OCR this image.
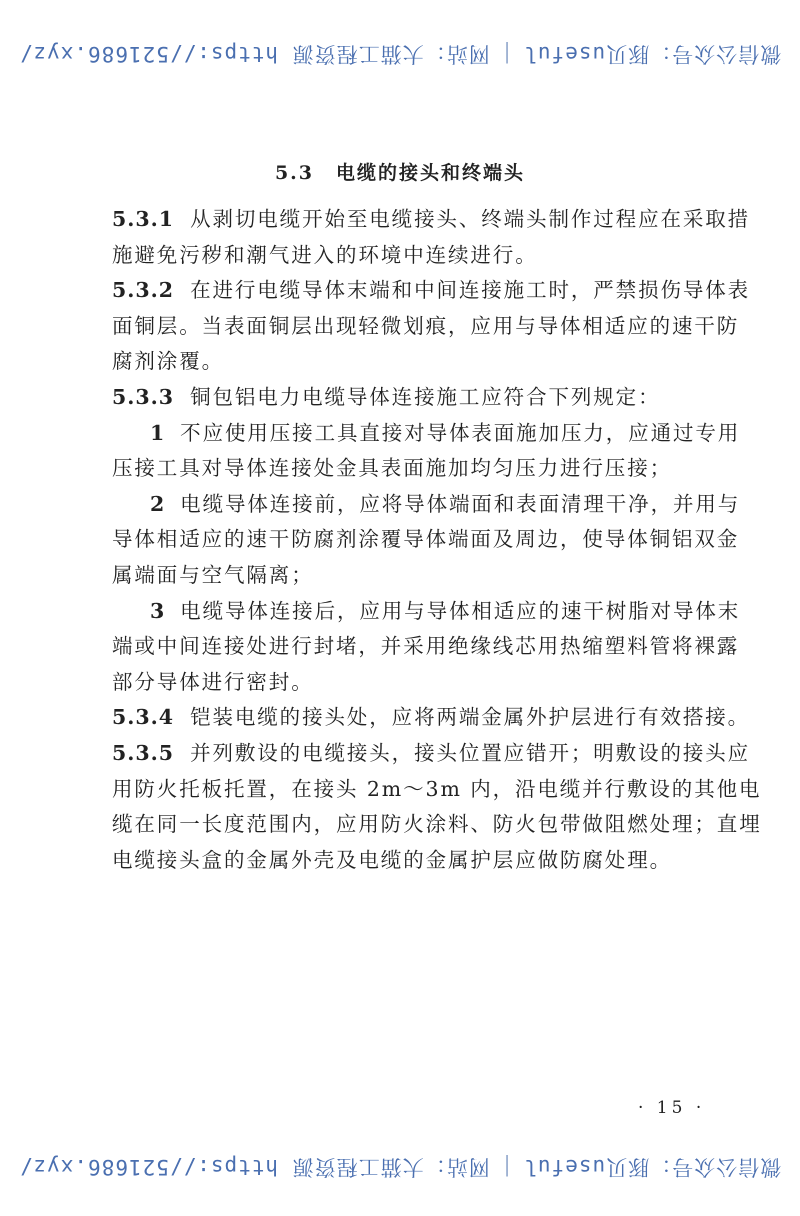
微信公众号：豚贝useful|网站：大猫工程资源 https://521686.xyz/
5.3 电缆的接头和终端头
5.3.1 从剥切电缆开始至电缆接头、终端头制作过程应在采取措
施避免污秽和潮气进入的环境中连续进行。
5.3.2 在进行电缆导体末端和中间连接施工时，严禁损伤导体表
面铜层。当表面铜层出现轻微划痕，应用与导体相适应的速干防
腐剂涂覆。
5.3.3 铜包铝电力电缆导体连接施工应符合下列规定：
1 不应使用压接工具直接对导体表面施加压力，应通过专用
压接工具对导体连接处金具表面施加均匀压力进行压接；
2 电缆导体连接前，应将导体端面和表面清理干净，并用与
导体相适应的速干防腐剂涂覆导体端面及周边，使导体铜铝双金
属端面与空气隔离；
3 电缆导体连接后，应用与导体相适应的速干树脂对导体末
端或中间连接处进行封堵，并采用绝缘线芯用热缩塑料管将裸露
部分导体进行密封。
5.3.4 铠装电缆的接头处，应将两端金属外护层进行有效搭接。
5.3.5 并列敷设的电缆接头，接头位置应错开；明敷设的接头应
用防火托板托置，在接头 2m～3m 内，沿电缆并行敷设的其他电
缆在同一长度范围内，应用防火涂料、防火包带做阻燃处理；直埋
电缆接头盒的金属外壳及电缆的金属护层应做防腐处理。
· 15 ·
微信公众号：豚贝useful|网站：大猫工程资源 https://521686.xyz/
